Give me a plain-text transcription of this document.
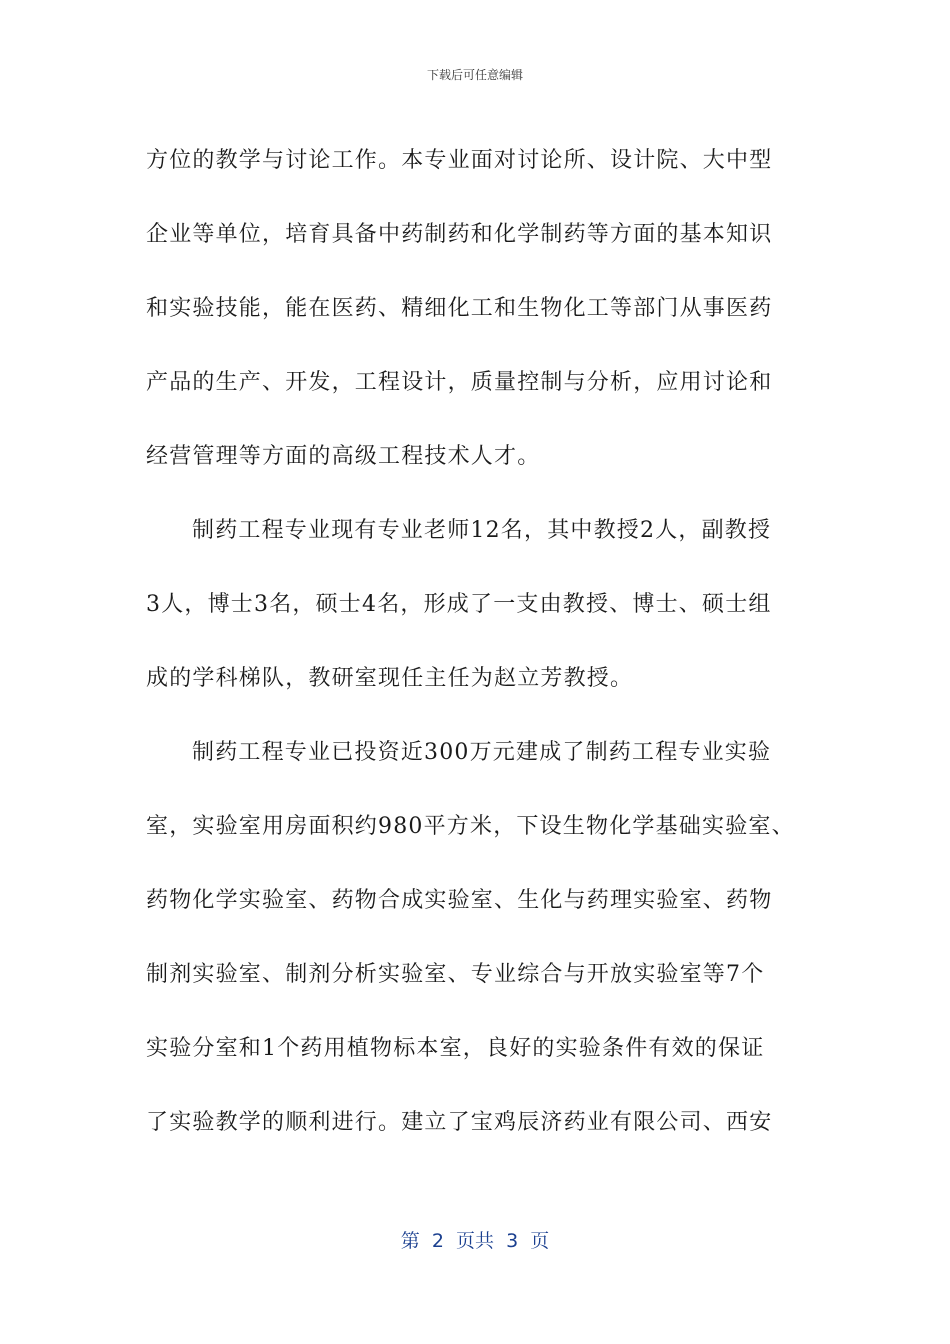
下载后可任意编辑

方位的教学与讨论工作。本专业面对讨论所、设计院、大中型

企业等单位，培育具备中药制药和化学制药等方面的基本知识

和实验技能，能在医药、精细化工和生物化工等部门从事医药

产品的生产、开发，工程设计，质量控制与分析，应用讨论和

经营管理等方面的高级工程技术人才。

制药工程专业现有专业老师12名，其中教授2人，副教授

3人，博士3名，硕士4名，形成了一支由教授、博士、硕士组

成的学科梯队，教研室现任主任为赵立芳教授。

制药工程专业已投资近300万元建成了制药工程专业实验

室，实验室用房面积约980平方米，下设生物化学基础实验室、

药物化学实验室、药物合成实验室、生化与药理实验室、药物

制剂实验室、制剂分析实验室、专业综合与开放实验室等7个

实验分室和1个药用植物标本室，良好的实验条件有效的保证

了实验教学的顺利进行。建立了宝鸡辰济药业有限公司、西安

第  2  页共  3  页
